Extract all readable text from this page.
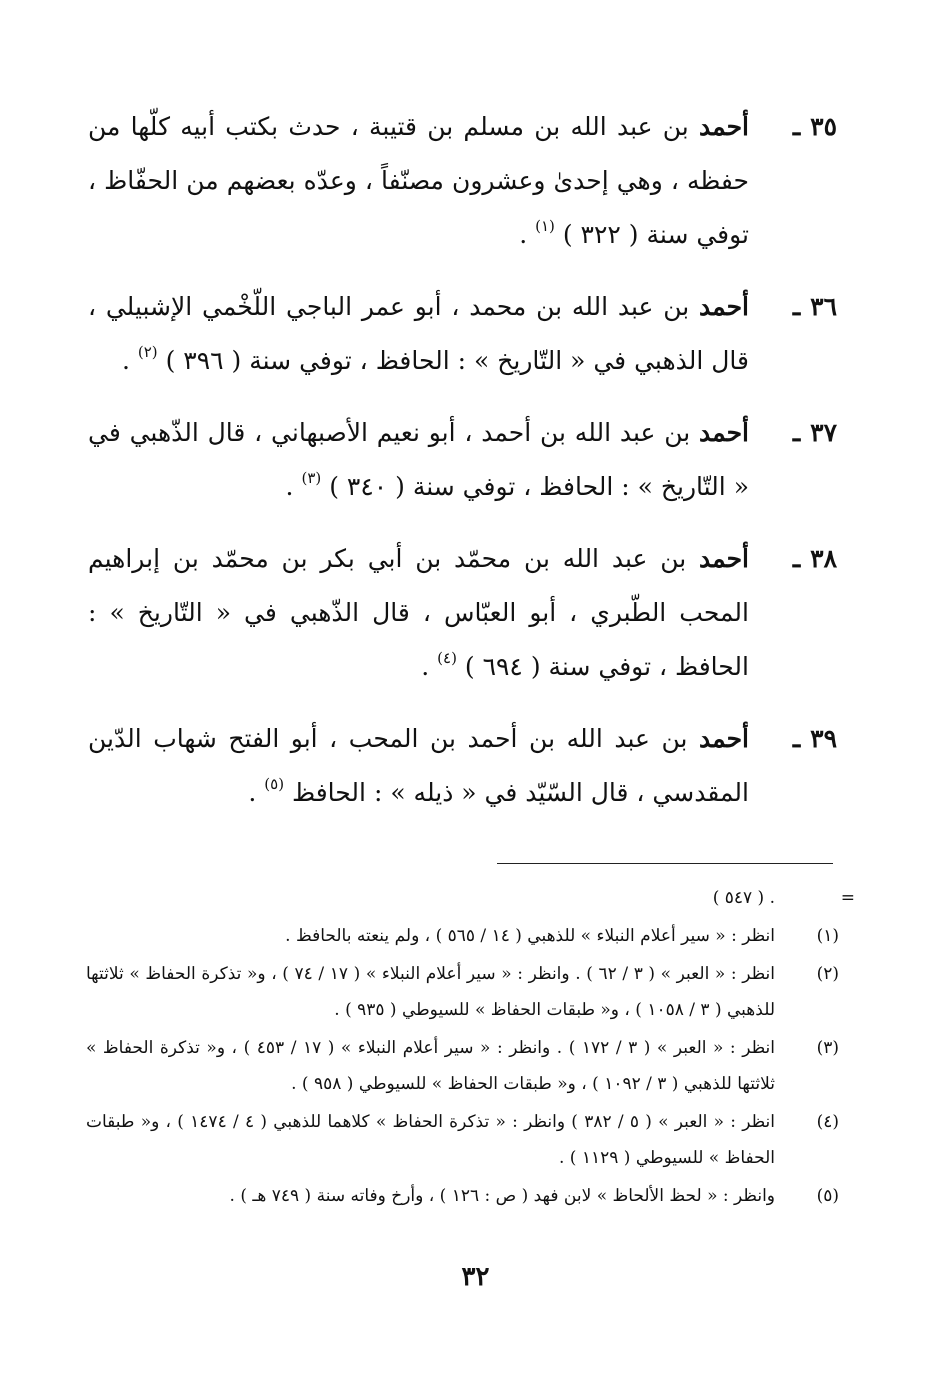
٣٥ـ
أحمد بن عبد الله بن مسلم بن قتيبة ، حدث بكتب أبيه كلّها من حفظه ، وهي إحدىٰ وعشرون مصنّفاً ، وعدّه بعضهم من الحفّاظ ، توفي سنة ( ٣٢٢ ) $^{(١)}$ .
٣٦ـ
أحمد بن عبد الله بن محمد ، أبو عمر الباجي اللّخْمي الإشبيلي ، قال الذهبي في « التّاريخ » : الحافظ ، توفي سنة ( ٣٩٦ ) $^{(٢)}$ .
٣٧ـ
أحمد بن عبد الله بن أحمد ، أبو نعيم الأصبهاني ، قال الذّهبي في « التّاريخ » : الحافظ ، توفي سنة ( ٣٤٠ ) $^{(٣)}$ .
٣٨ـ
أحمد بن عبد الله بن محمّد بن أبي بكر بن محمّد بن إبراهيم المحب الطّبري ، أبو العبّاس ، قال الذّهبي في « التّاريخ » : الحافظ ، توفي سنة ( ٦٩٤ ) $^{(٤)}$ .
٣٩ـ
أحمد بن عبد الله بن أحمد بن المحب ، أبو الفتح شهاب الدّين المقدسي ، قال السّيّد في « ذيله » : الحافظ $^{(٥)}$ .
=
. ( ٥٤٧ )
(١)
انظر : « سير أعلام النبلاء » للذهبي ( ١٤ / ٥٦٥ ) ، ولم ينعته بالحافظ .
(٢)
انظر : « العبر » ( ٣ / ٦٢ ) . وانظر : « سير أعلام النبلاء » ( ١٧ / ٧٤ ) ، و« تذكرة الحفاظ » ثلاثتها للذهبي ( ٣ / ١٠٥٨ ) ، و« طبقات الحفاظ » للسيوطي ( ٩٣٥ ) .
(٣)
انظر : « العبر » ( ٣ / ١٧٢ ) . وانظر : « سير أعلام النبلاء » ( ١٧ / ٤٥٣ ) ، و« تذكرة الحفاظ » ثلاثتها للذهبي ( ٣ / ١٠٩٢ ) ، و« طبقات الحفاظ » للسيوطي ( ٩٥٨ ) .
(٤)
انظر : « العبر » ( ٥ / ٣٨٢ ) وانظر : « تذكرة الحفاظ » كلاهما للذهبي ( ٤ / ١٤٧٤ ) ، و« طبقات الحفاظ » للسيوطي ( ١١٢٩ ) .
(٥)
وانظر : « لحظ الألحاظ » لابن فهد ( ص : ١٢٦ ) ، وأرخ وفاته سنة ( ٧٤٩ هـ ) .
٣٢
